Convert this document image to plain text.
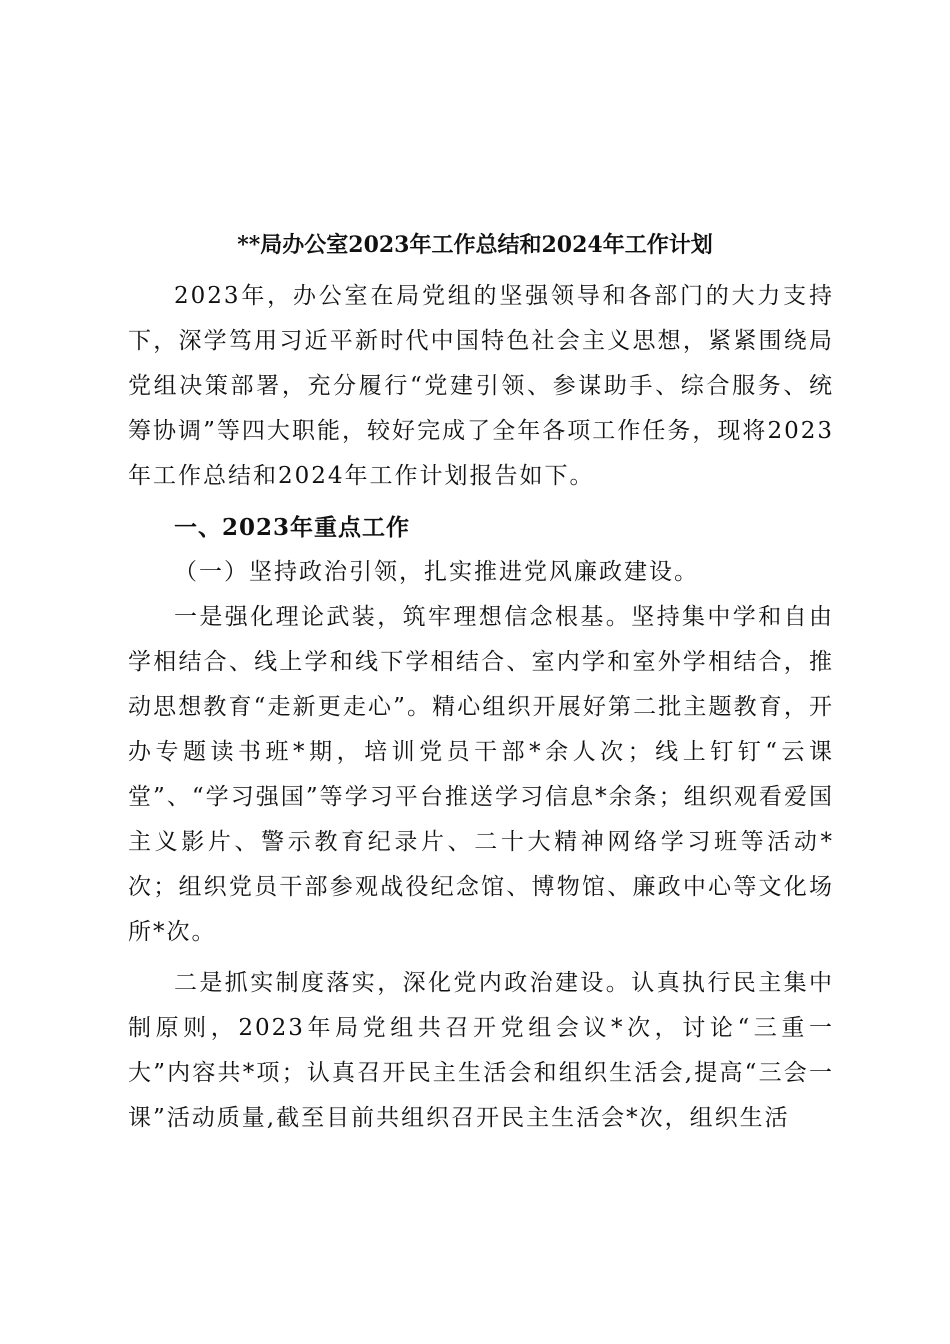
**局办公室2023年工作总结和2024年工作计划

2023年，办公室在局党组的坚强领导和各部门的大力支持下，深学笃用习近平新时代中国特色社会主义思想，紧紧围绕局党组决策部署，充分履行“党建引领、参谋助手、综合服务、统筹协调”等四大职能，较好完成了全年各项工作任务，现将2023年工作总结和2024年工作计划报告如下。

一、2023年重点工作

（一）坚持政治引领，扎实推进党风廉政建设。

一是强化理论武装，筑牢理想信念根基。坚持集中学和自由学相结合、线上学和线下学相结合、室内学和室外学相结合，推动思想教育“走新更走心”。精心组织开展好第二批主题教育，开办专题读书班*期，培训党员干部*余人次；线上钉钉“云课堂”、“学习强国”等学习平台推送学习信息*余条；组织观看爱国主义影片、警示教育纪录片、二十大精神网络学习班等活动*次；组织党员干部参观战役纪念馆、博物馆、廉政中心等文化场所*次。

二是抓实制度落实，深化党内政治建设。认真执行民主集中制原则，2023年局党组共召开党组会议*次，讨论“三重一大”内容共*项；认真召开民主生活会和组织生活会,提高“三会一课”活动质量,截至目前共组织召开民主生活会*次，组织生活
